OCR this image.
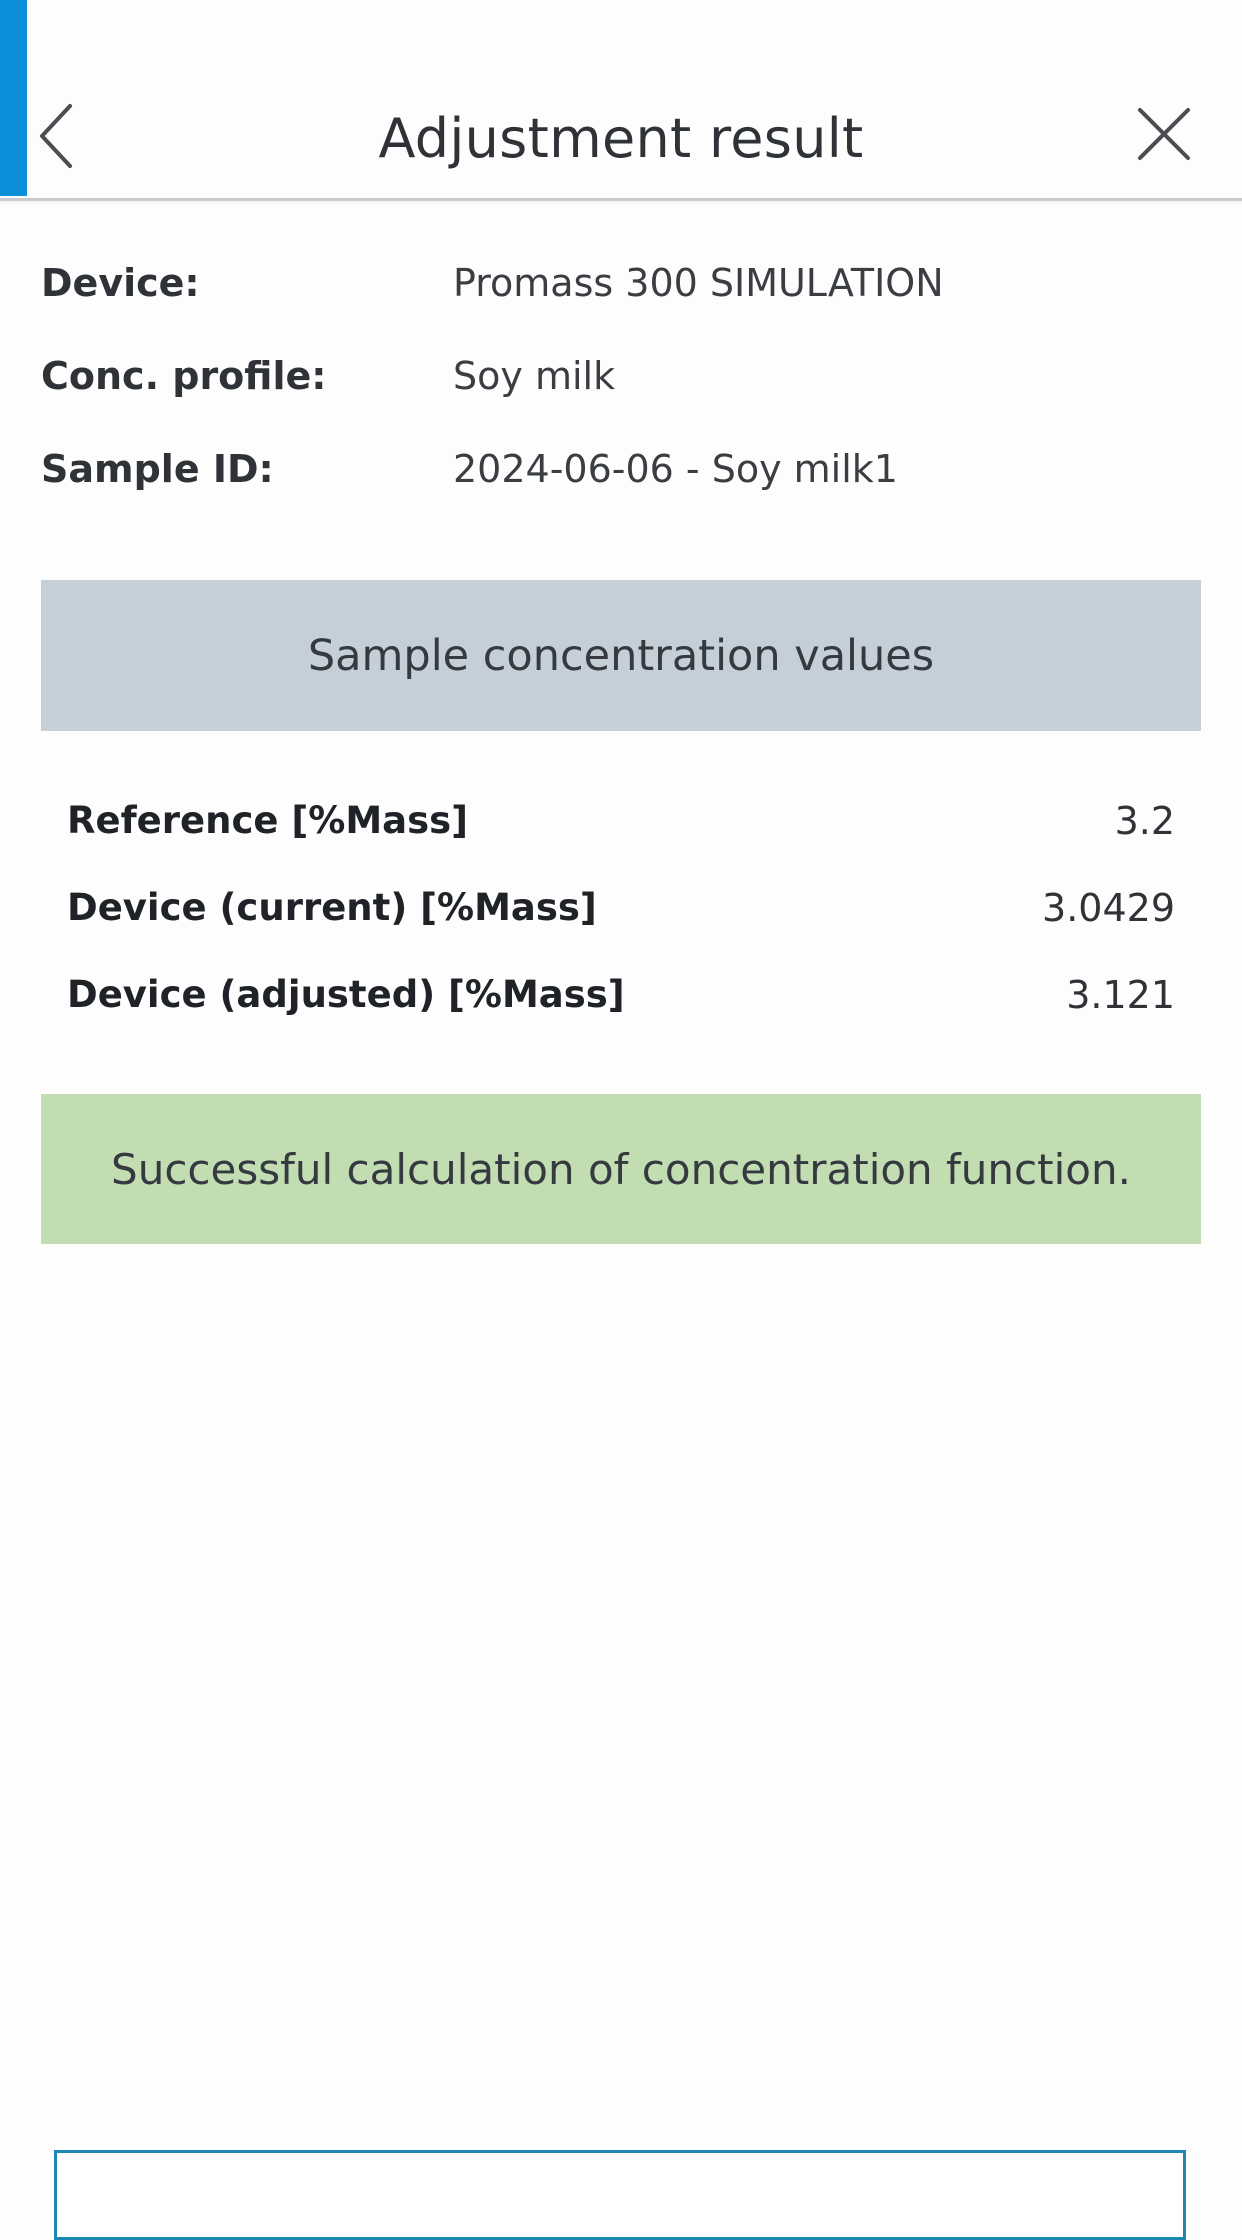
Adjustment result
Device:	Promass 300 SIMULATION
Conc. profile:	Soy milk
Sample ID:	2024-06-06 - Soy milk1
Sample concentration values
Reference [%Mass]	3.2
Device (current) [%Mass]	3.0429
Device (adjusted) [%Mass]	3.121
Successful calculation of concentration function.
